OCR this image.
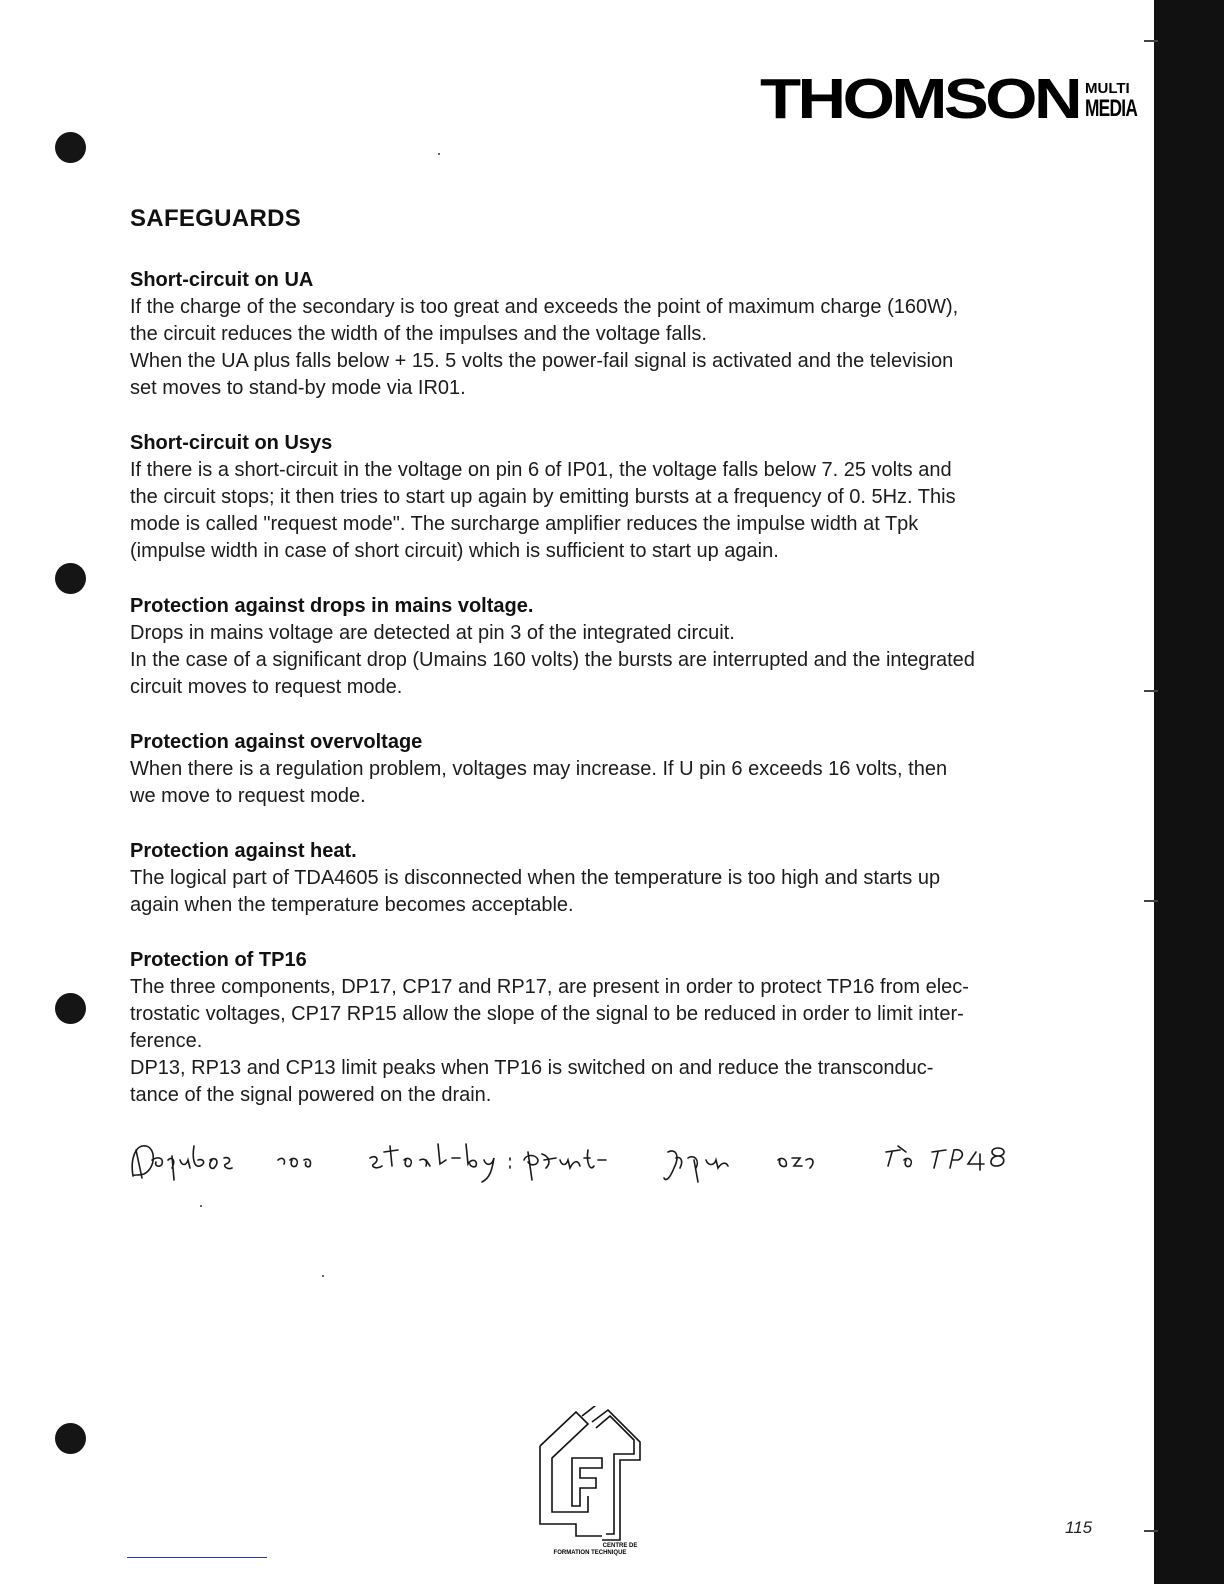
THOMSON MULTI
MEDIA
SAFEGUARDS
Short-circuit on UA

If the charge of the secondary is too great and exceeds the point of maximum charge (160W),

the circuit reduces the width of the impulses and the voltage falls.

When the UA plus falls below + 15. 5 volts the power-fail signal is activated and the television

set moves to stand-by mode via IR01.

Short-circuit on Usys

If there is a short-circuit in the voltage on pin 6 of IP01, the voltage falls below 7. 25 volts and

the circuit stops; it then tries to start up again by emitting bursts at a frequency of 0. 5Hz. This

mode is called "request mode". The surcharge amplifier reduces the impulse width at Tpk

(impulse width in case of short circuit) which is sufficient to start up again.

Protection against drops in mains voltage.

Drops in mains voltage are detected at pin 3 of the integrated circuit.

In the case of a significant drop (Umains 160 volts) the bursts are interrupted and the integrated

circuit moves to request mode.

Protection against overvoltage

When there is a regulation problem, voltages may increase. If U pin 6 exceeds 16 volts, then

we move to request mode.

Protection against heat.

The logical part of TDA4605 is disconnected when the temperature is too high and starts up

again when the temperature becomes acceptable.

Protection of TP16

The three components, DP17, CP17 and RP17, are present in order to protect TP16 from elec-

trostatic voltages, CP17 RP15 allow the slope of the signal to be reduced in order to limit inter-

ference.

DP13, RP13 and CP13 limit peaks when TP16 is switched on and reduce the transconduc-

tance of the signal powered on the drain.

CENTRE DE
FORMATION TECHNIQUE
115
